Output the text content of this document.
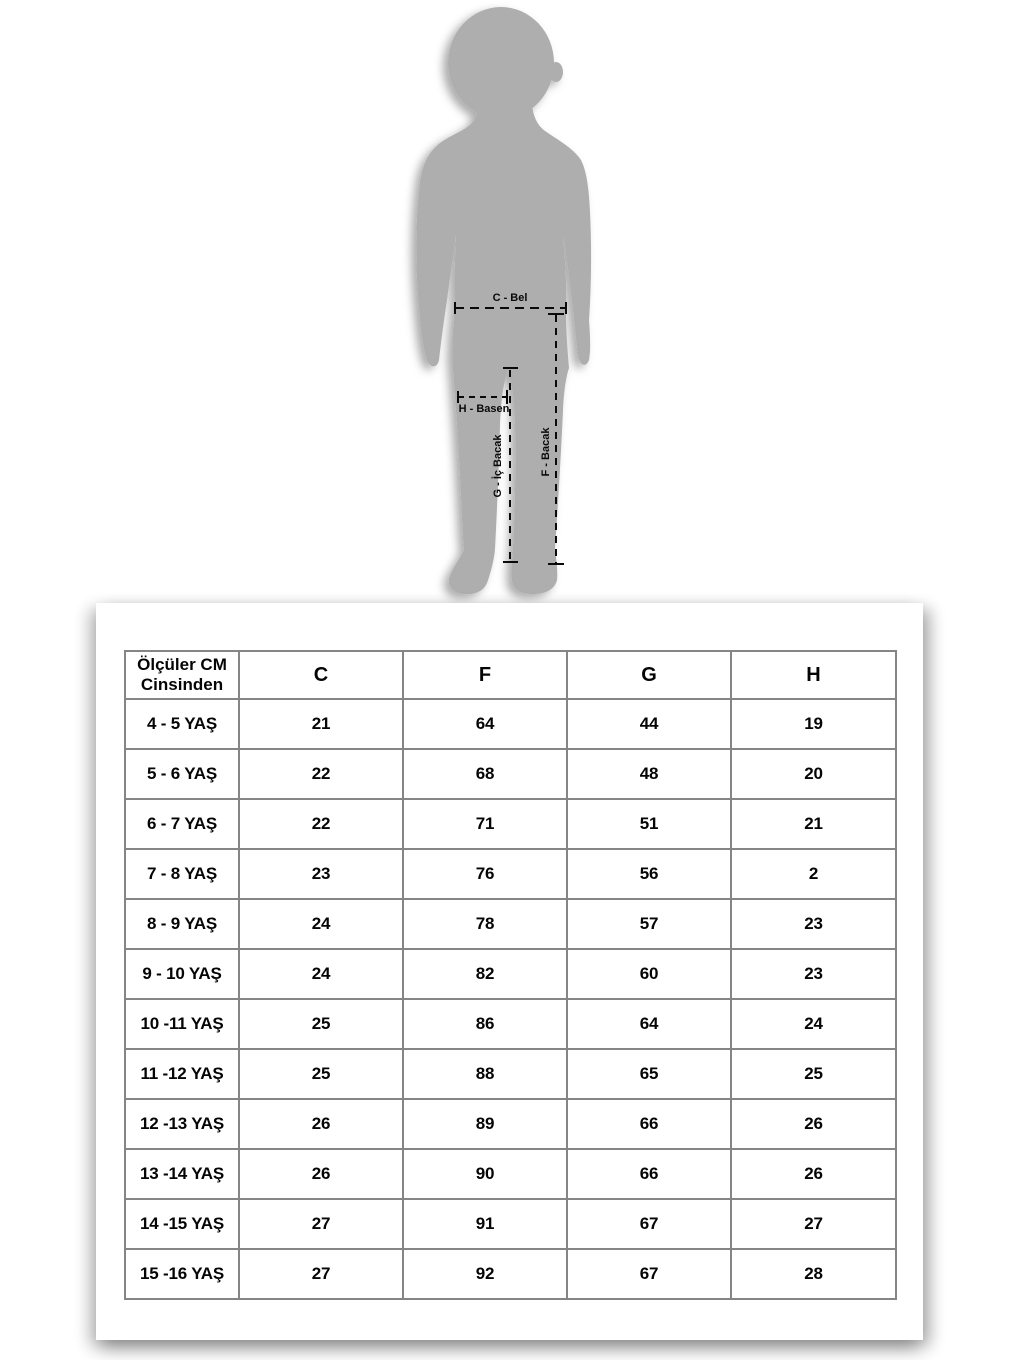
C - Bel
H - Basen
G - İç Bacak	F - Bacak
Ölçüler CM Cinsinden	C	F	G	H
4 - 5 YAŞ	21	64	44	19
5 - 6 YAŞ	22	68	48	20
6 - 7 YAŞ	22	71	51	21
7 - 8 YAŞ	23	76	56	2
8 - 9 YAŞ	24	78	57	23
9 - 10 YAŞ	24	82	60	23
10 -11 YAŞ	25	86	64	24
11 -12 YAŞ	25	88	65	25
12 -13 YAŞ	26	89	66	26
13 -14 YAŞ	26	90	66	26
14 -15 YAŞ	27	91	67	27
15 -16 YAŞ	27	92	67	28
